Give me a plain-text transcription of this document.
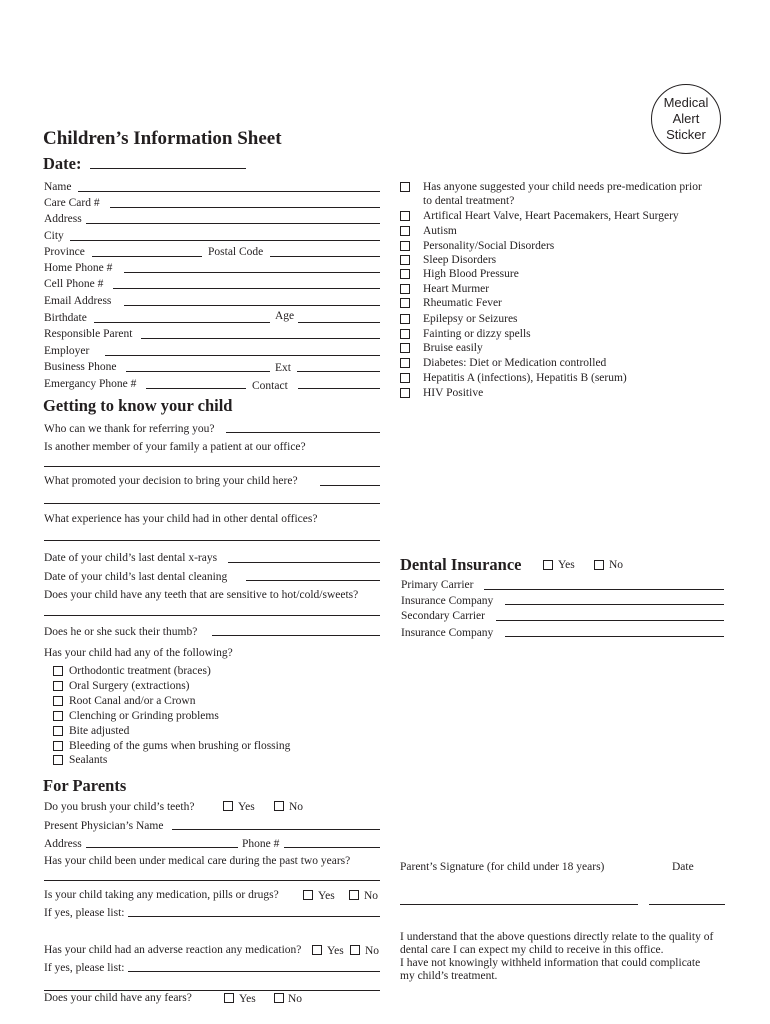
Medical
Alert
Sticker
Children’s Information Sheet
Date:
Name
Care Card #
Address
City
Province	Postal Code
Home Phone #
Cell Phone #
Email Address
Birthdate	Age
Responsible Parent
Employer
Business Phone	Ext
Emergancy Phone #	Contact
Has anyone suggested your child needs pre-medication prior
to dental treatment?
Artifical Heart Valve, Heart Pacemakers, Heart Surgery
Autism
Personality/Social Disorders
Sleep Disorders
High Blood Pressure
Heart Murmer
Rheumatic Fever
Epilepsy or Seizures
Fainting or dizzy spells
Bruise easily
Diabetes: Diet or Medication controlled
Hepatitis A (infections), Hepatitis B (serum)
HIV Positive
Getting to know your child
Who can we thank for referring you?
Is another member of your family a patient at our office?
What promoted your decision to bring your child here?
What experience has your child had in other dental offices?
Date of your child’s last dental x-rays
Date of your child’s last dental cleaning
Does your child have any teeth that are sensitive to hot/cold/sweets?
Does he or she suck their thumb?
Has your child had any of the following?
Orthodontic treatment (braces)
Oral Surgery (extractions)
Root Canal and/or a Crown
Clenching or Grinding problems
Bite adjusted
Bleeding of the gums when brushing or flossing
Sealants
For Parents
Do you brush your child’s teeth?	Yes	No
Present Physician’s Name
Address	Phone #
Has your child been under medical care during the past two years?
Is your child taking any medication, pills or drugs?	Yes	No
If yes, please list:
Has your child had an adverse reaction any medication? Yes No
If yes, please list:
Does your child have any fears?	Yes	No
Dental Insurance	Yes	No
Primary Carrier
Insurance Company
Secondary Carrier
Insurance Company
Parent’s Signature (for child under 18 years)	Date
I understand that the above questions directly relate to the quality of
dental care I can expect my child to receive in this office.
I have not knowingly withheld information that could complicate
my child’s treatment.
